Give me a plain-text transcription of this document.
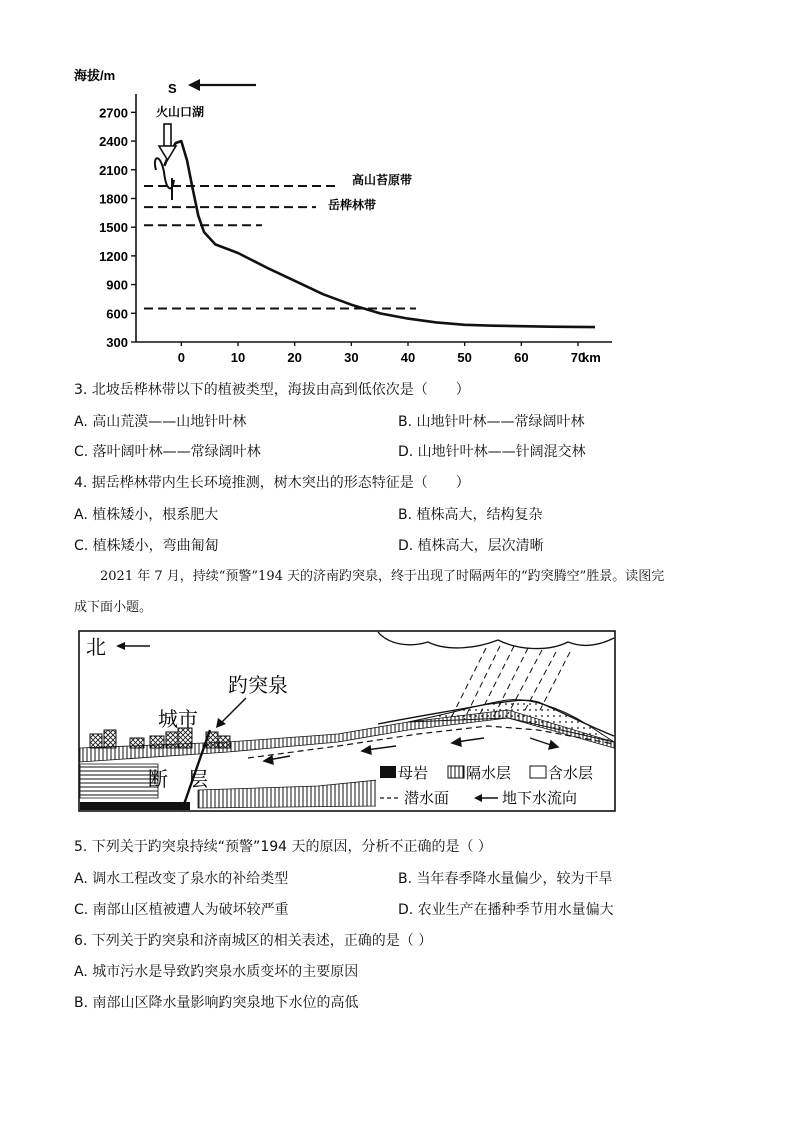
海拔/m
S
高山苔原带
岳桦林带
2700
2400
2100
1800
1500
1200
900
600
300
0	10	20	30	40	50	60	70
km
火山口湖
3. 北坡岳桦林带以下的植被类型，海拔由高到低依次是（　　）
A. 高山荒漠——山地针叶林	B. 山地针叶林——常绿阔叶林
C. 落叶阔叶林——常绿阔叶林	D. 山地针叶林——针阔混交林
4. 据岳桦林带内生长环境推测，树木突出的形态特征是（　　）
A. 植株矮小，根系肥大	B. 植株高大，结构复杂
C. 植株矮小，弯曲匍匐	D. 植株高大，层次清晰
2021 年 7 月，持续“预警”194 天的济南趵突泉，终于出现了时隔两年的“趵突腾空”胜景。读图完
成下面小题。
北
趵突泉
城市
断　层	母岩	隔水层 含水层
潜水面	地下水流向
5. 下列关于趵突泉持续“预警”194 天的原因，分析不正确的是（ ）
A. 调水工程改变了泉水的补给类型	B. 当年春季降水量偏少，较为干旱
C. 南部山区植被遭人为破坏较严重	D. 农业生产在播种季节用水量偏大
6. 下列关于趵突泉和济南城区的相关表述，正确的是（ ）
A. 城市污水是导致趵突泉水质变坏的主要原因
B. 南部山区降水量影响趵突泉地下水位的高低
